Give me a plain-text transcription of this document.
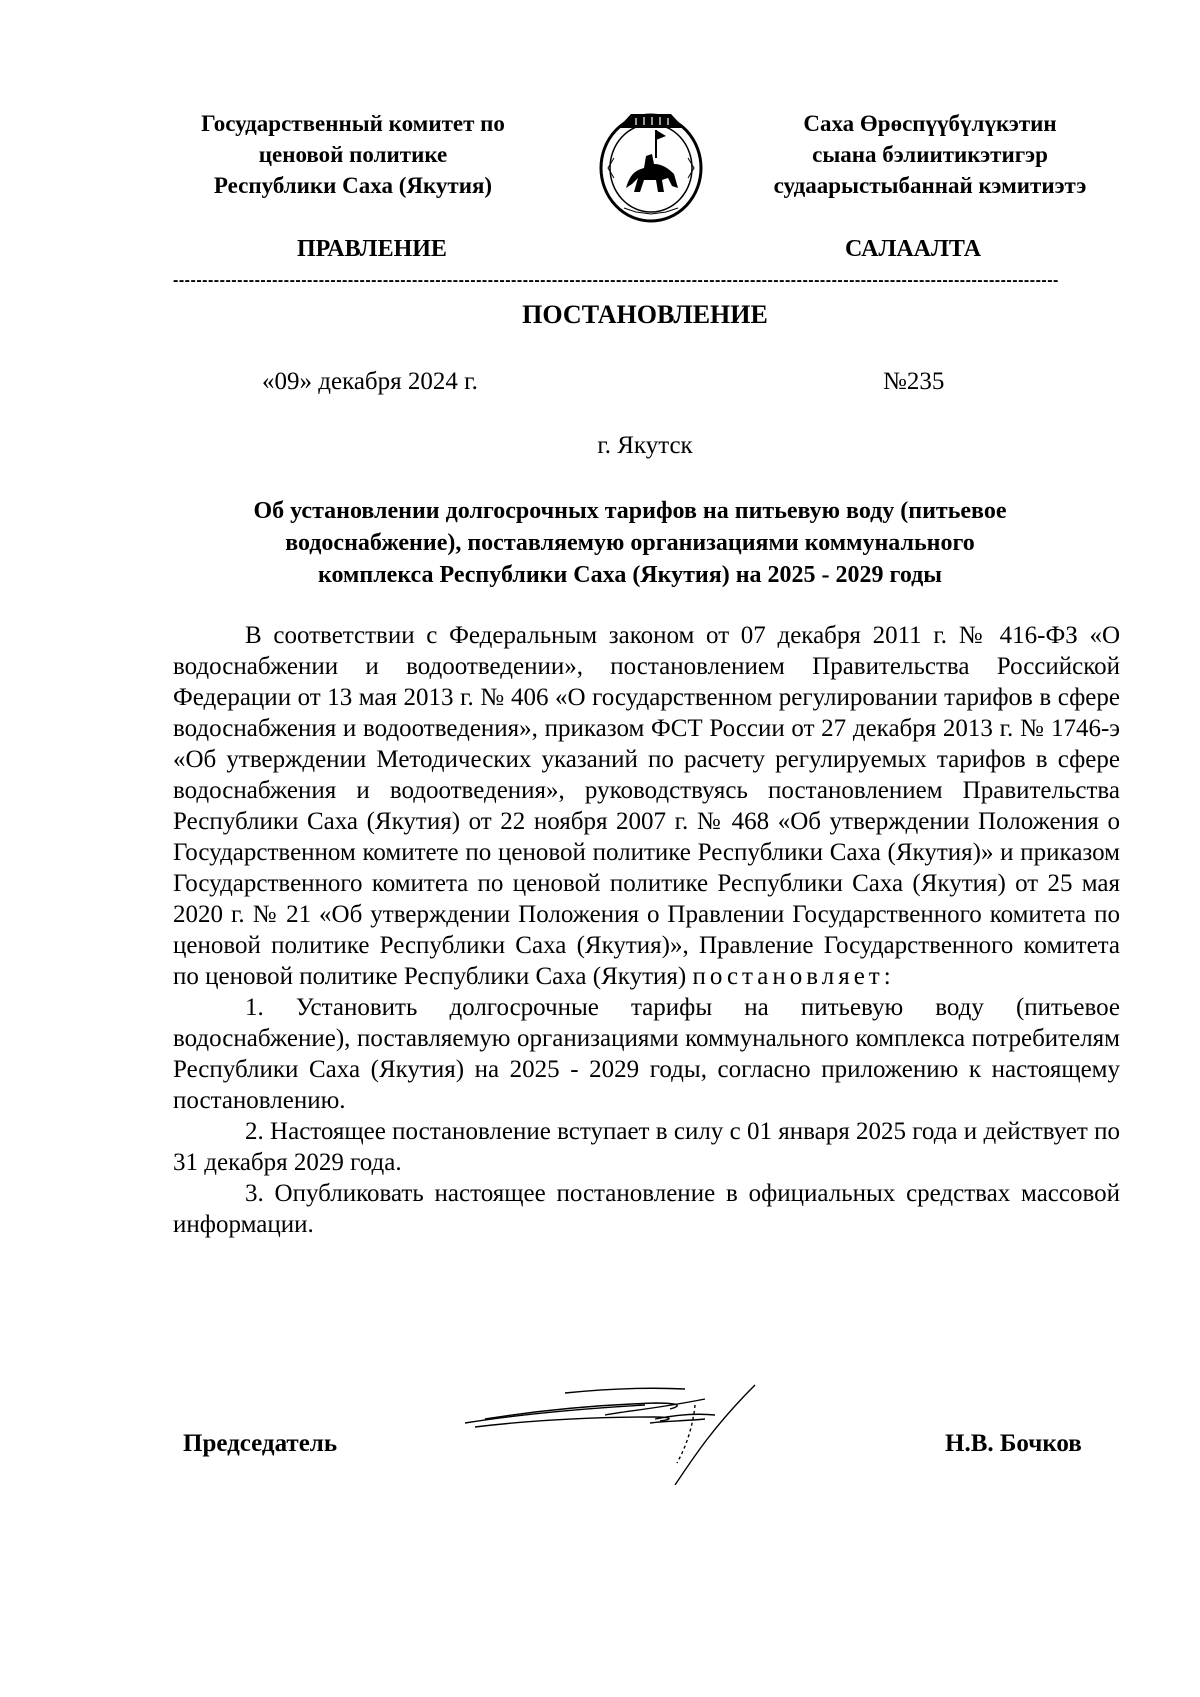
Государственный комитет по
ценовой политике
Республики Саха (Якутия)
Саха Өрөспүүбүлүкэтин
сыана бэлиитикэтигэр
судаарыстыбаннай кэмитиэтэ
ПРАВЛЕНИЕ	САЛААЛТА
--------------------------------------------------------------------------------------------------------------------------------------------------------
ПОСТАНОВЛЕНИЕ
«09» декабря 2024 г.	№235
г. Якутск
Об установлении долгосрочных тарифов на питьевую воду (питьевое
водоснабжение), поставляемую организациями коммунального
комплекса Республики Саха (Якутия) на 2025 - 2029 годы

В соответствии с Федеральным законом от 07 декабря 2011 г. № 416-ФЗ «О водоснабжении и водоотведении», постановлением Правительства Российской Федерации от 13 мая 2013 г. № 406 «О государственном регулировании тарифов в сфере водоснабжения и водоотведения», приказом ФСТ России от 27 декабря 2013 г. № 1746-э «Об утверждении Методических указаний по расчету регулируемых тарифов в сфере водоснабжения и водоотведения», руководствуясь постановлением Правительства Республики Саха (Якутия) от 22 ноября 2007 г. № 468 «Об утверждении Положения о Государственном комитете по ценовой политике Республики Саха (Якутия)» и приказом Государственного комитета по ценовой политике Республики Саха (Якутия) от 25 мая 2020 г. № 21 «Об утверждении Положения о Правлении Государственного комитета по ценовой политике Республики Саха (Якутия)», Правление Государственного комитета по ценовой политике Республики Саха (Якутия) постановляет:

1. Установить долгосрочные тарифы на питьевую воду (питьевое водоснабжение), поставляемую организациями коммунального комплекса потребителям Республики Саха (Якутия) на 2025 - 2029 годы, согласно приложению к настоящему постановлению.

2. Настоящее постановление вступает в силу с 01 января 2025 года и действует по 31 декабря 2029 года.

3. Опубликовать настоящее постановление в официальных средствах массовой информации.

Председатель	Н.В. Бочков
